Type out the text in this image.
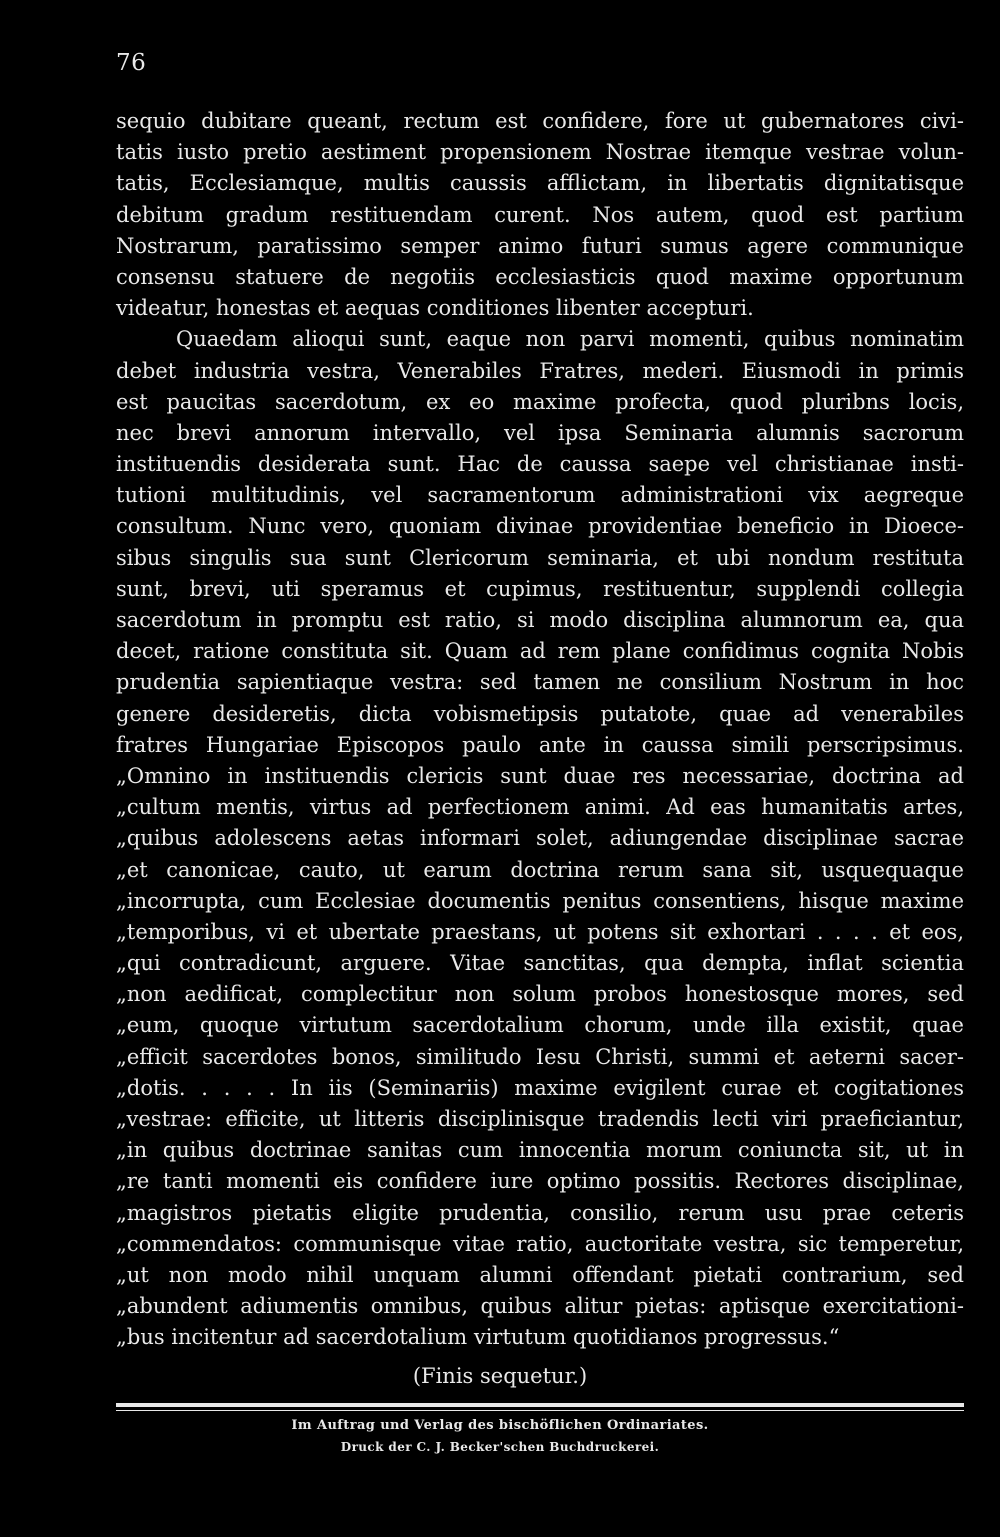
76
sequio dubitare queant, rectum est confidere, fore ut gubernatores civi-
tatis iusto pretio aestiment propensionem Nostrae itemque vestrae volun-
tatis, Ecclesiamque, multis caussis afflictam, in libertatis dignitatisque
debitum gradum restituendam curent. Nos autem, quod est partium
Nostrarum, paratissimo semper animo futuri sumus agere communique
consensu statuere de negotiis ecclesiasticis quod maxime opportunum
videatur, honestas et aequas conditiones libenter accepturi.
Quaedam alioqui sunt, eaque non parvi momenti, quibus nominatim
debet industria vestra, Venerabiles Fratres, mederi. Eiusmodi in primis
est paucitas sacerdotum, ex eo maxime profecta, quod pluribns locis,
nec brevi annorum intervallo, vel ipsa Seminaria alumnis sacrorum
instituendis desiderata sunt. Hac de caussa saepe vel christianae insti-
tutioni multitudinis, vel sacramentorum administrationi vix aegreque
consultum. Nunc vero, quoniam divinae providentiae beneficio in Dioece-
sibus singulis sua sunt Clericorum seminaria, et ubi nondum restituta
sunt, brevi, uti speramus et cupimus, restituentur, supplendi collegia
sacerdotum in promptu est ratio, si modo disciplina alumnorum ea, qua
decet, ratione constituta sit. Quam ad rem plane confidimus cognita Nobis
prudentia sapientiaque vestra: sed tamen ne consilium Nostrum in hoc
genere desideretis, dicta vobismetipsis putatote, quae ad venerabiles
fratres Hungariae Episcopos paulo ante in caussa simili perscripsimus.
„Omnino in instituendis clericis sunt duae res necessariae, doctrina ad
„cultum mentis, virtus ad perfectionem animi. Ad eas humanitatis artes,
„quibus adolescens aetas informari solet, adiungendae disciplinae sacrae
„et canonicae, cauto, ut earum doctrina rerum sana sit, usquequaque
„incorrupta, cum Ecclesiae documentis penitus consentiens, hisque maxime
„temporibus, vi et ubertate praestans, ut potens sit exhortari . . . . et eos,
„qui contradicunt, arguere. Vitae sanctitas, qua dempta, inflat scientia
„non aedificat, complectitur non solum probos honestosque mores, sed
„eum, quoque virtutum sacerdotalium chorum, unde illa existit, quae
„efficit sacerdotes bonos, similitudo Iesu Christi, summi et aeterni sacer-
„dotis. . . . . In iis (Seminariis) maxime evigilent curae et cogitationes
„vestrae: efficite, ut litteris disciplinisque tradendis lecti viri praeficiantur,
„in quibus doctrinae sanitas cum innocentia morum coniuncta sit, ut in
„re tanti momenti eis confidere iure optimo possitis. Rectores disciplinae,
„magistros pietatis eligite prudentia, consilio, rerum usu prae ceteris
„commendatos: communisque vitae ratio, auctoritate vestra, sic temperetur,
„ut non modo nihil unquam alumni offendant pietati contrarium, sed
„abundent adiumentis omnibus, quibus alitur pietas: aptisque exercitationi-
„bus incitentur ad sacerdotalium virtutum quotidianos progressus.“
(Finis sequetur.)
Im Auftrag und Verlag des bischöflichen Ordinariates.
Druck der C. J. Becker'schen Buchdruckerei.
